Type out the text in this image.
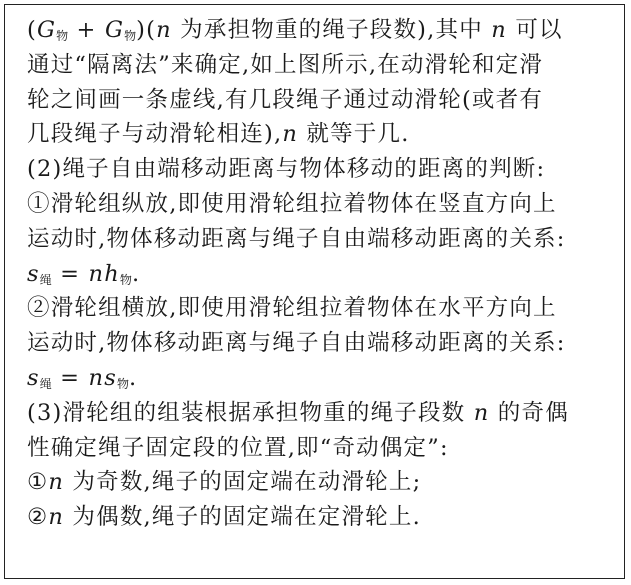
$(G_物 + G_物)(n$ 为承担物重的绳子段数),其中 n 可以
通过“隔离法”来确定,如上图所示,在动滑轮和定滑
轮之间画一条虚线,有几段绳子通过动滑轮(或者有
几段绳子与动滑轮相连),n 就等于几.
(2)绳子自由端移动距离与物体移动的距离的判断:
①滑轮组纵放,即使用滑轮组拉着物体在竖直方向上
运动时,物体移动距离与绳子自由端移动距离的关系:
$s_绳 = nh_物$.
②滑轮组横放,即使用滑轮组拉着物体在水平方向上
运动时,物体移动距离与绳子自由端移动距离的关系:
$s_绳 = ns_物$.
(3)滑轮组的组装根据承担物重的绳子段数 n 的奇偶
性确定绳子固定段的位置,即“奇动偶定”:
①n 为奇数,绳子的固定端在动滑轮上;
②n 为偶数,绳子的固定端在定滑轮上.
